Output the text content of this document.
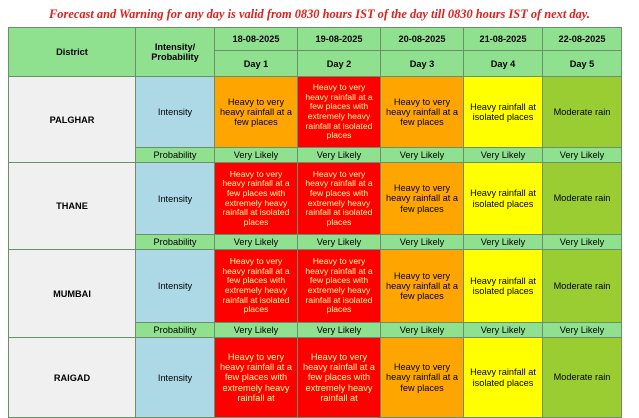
Forecast and Warning for any day is valid from 0830 hours IST of the day till 0830 hours IST of next day.
District	Intensity/ Probability	18-08-2025	19-08-2025	20-08-2025	21-08-2025	22-08-2025
		Day 1	Day 2	Day 3	Day 4	Day 5
PALGHAR	Intensity	Heavy to very heavy rainfall at a few places	Heavy to very heavy rainfall at a few places with extremely heavy rainfall at isolated places	Heavy to very heavy rainfall at a few places	Heavy rainfall at isolated places	Moderate rain

	Probability	Very Likely	Very Likely	Very Likely	Very Likely	Very Likely
THANE	Intensity	Heavy to very heavy rainfall at a few places with extremely heavy rainfall at isolated places	Heavy to very heavy rainfall at a few places with extremely heavy rainfall at isolated places	Heavy to very heavy rainfall at a few places	Heavy rainfall at isolated places	Moderate rain

	Probability	Very Likely	Very Likely	Very Likely	Very Likely	Very Likely
MUMBAI	Intensity	Heavy to very heavy rainfall at a few places with extremely heavy rainfall at isolated places	Heavy to very heavy rainfall at a few places with extremely heavy rainfall at isolated places	Heavy to very heavy rainfall at a few places	Heavy rainfall at isolated places	Moderate rain

	Probability	Very Likely	Very Likely	Very Likely	Very Likely	Very Likely
RAIGAD	Intensity	Heavy to very heavy rainfall at a few places with extremely heavy rainfall at	Heavy to very heavy rainfall at a few places with extremely heavy rainfall at	Heavy to very heavy rainfall at a few places	Heavy rainfall at isolated places	Moderate rain
